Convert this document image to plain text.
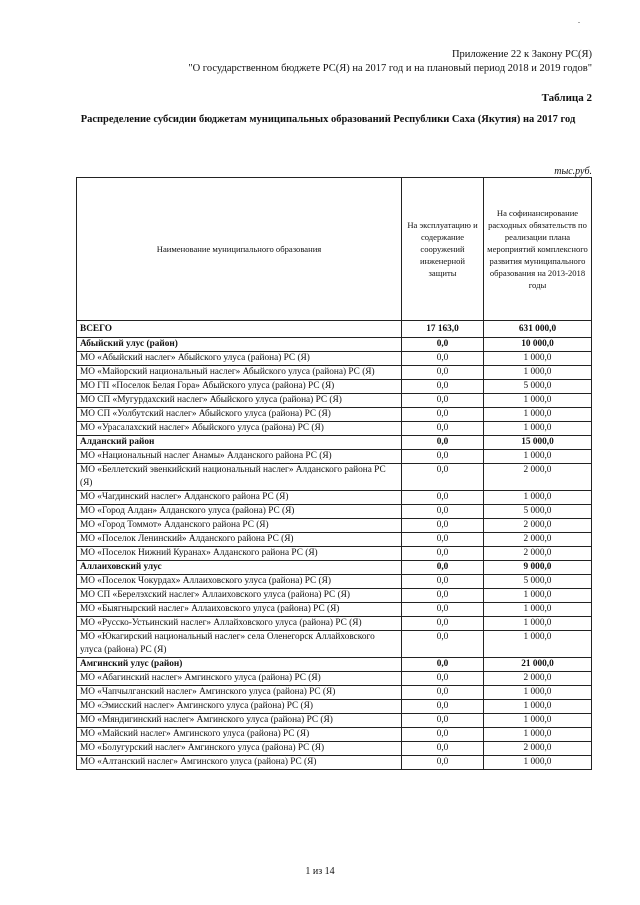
.
Приложение 22 к Закону РС(Я)
"О государственном бюджете РС(Я) на 2017 год и на плановый период 2018 и 2019 годов"
Таблица 2
Распределение субсидии бюджетам муниципальных образований Республики Саха (Якутия) на 2017 год
тыс.руб.
Наименование муниципального образования	На эксплуатацию и содержание сооружений инженерной защиты	На софинансирование расходных обязательств по реализации плана мероприятий комплексного развития муниципального образования на 2013-2018 годы
ВСЕГО	17 163,0	631 000,0
Абыйский улус (район)	0,0	10 000,0
МО «Абыйский наслег» Абыйского улуса (района) РС (Я)	0,0	1 000,0
МО «Майорский национальный наслег» Абыйского улуса (района) РС (Я)	0,0	1 000,0
МО ГП «Поселок Белая Гора» Абыйского улуса (района) РС (Я)	0,0	5 000,0
МО СП «Мугурдахский наслег» Абыйского улуса (района) РС (Я)	0,0	1 000,0
МО СП «Уолбутский наслег» Абыйского улуса (района) РС (Я)	0,0	1 000,0
МО «Урасалахский наслег» Абыйского улуса (района) РС (Я)	0,0	1 000,0
Алданский район	0,0	15 000,0
МО «Национальный наслег Анамы» Алданского района РС (Я)	0,0	1 000,0
МО «Беллетский эвенкийский национальный наслег» Алданского района РС (Я)	0,0	2 000,0
МО «Чагдинский наслег» Алданского района РС (Я)	0,0	1 000,0
МО «Город Алдан» Алданского улуса (района) РС (Я)	0,0	5 000,0
МО «Город Томмот» Алданского района РС (Я)	0,0	2 000,0
МО «Поселок Ленинский» Алданского района РС (Я)	0,0	2 000,0
МО «Поселок Нижний Куранах» Алданского района РС (Я)	0,0	2 000,0
Аллаиховский улус	0,0	9 000,0
МО «Поселок Чокурдах» Аллаиховского улуса (района) РС (Я)	0,0	5 000,0
МО СП «Берелэхский наслег» Аллаиховского улуса (района) РС (Я)	0,0	1 000,0
МО «Быягнырский наслег» Аллаиховского улуса (района) РС (Я)	0,0	1 000,0
МО «Русско-Устьинский наслег» Аллайховского улуса (района) РС (Я)	0,0	1 000,0
МО «Юкагирский национальный наслег» села Оленегорск Аллайховского улуса (района) РС (Я)	0,0	1 000,0
Амгинский улус (район)	0,0	21 000,0
МО «Абагинский наслег» Амгинского улуса (района) РС (Я)	0,0	2 000,0
МО «Чапчылганский наслег» Амгинского улуса (района) РС (Я)	0,0	1 000,0
МО «Эмисский наслег» Амгинского улуса (района) РС (Я)	0,0	1 000,0
МО «Мяндигинский наслег» Амгинского улуса (района) РС (Я)	0,0	1 000,0
МО «Майский наслег» Амгинского улуса (района) РС (Я)	0,0	1 000,0
МО «Болугурский наслег» Амгинского улуса (района) РС (Я)	0,0	2 000,0
МО «Алтанский наслег» Амгинского улуса (района) РС (Я)	0,0	1 000,0
1 из 14
